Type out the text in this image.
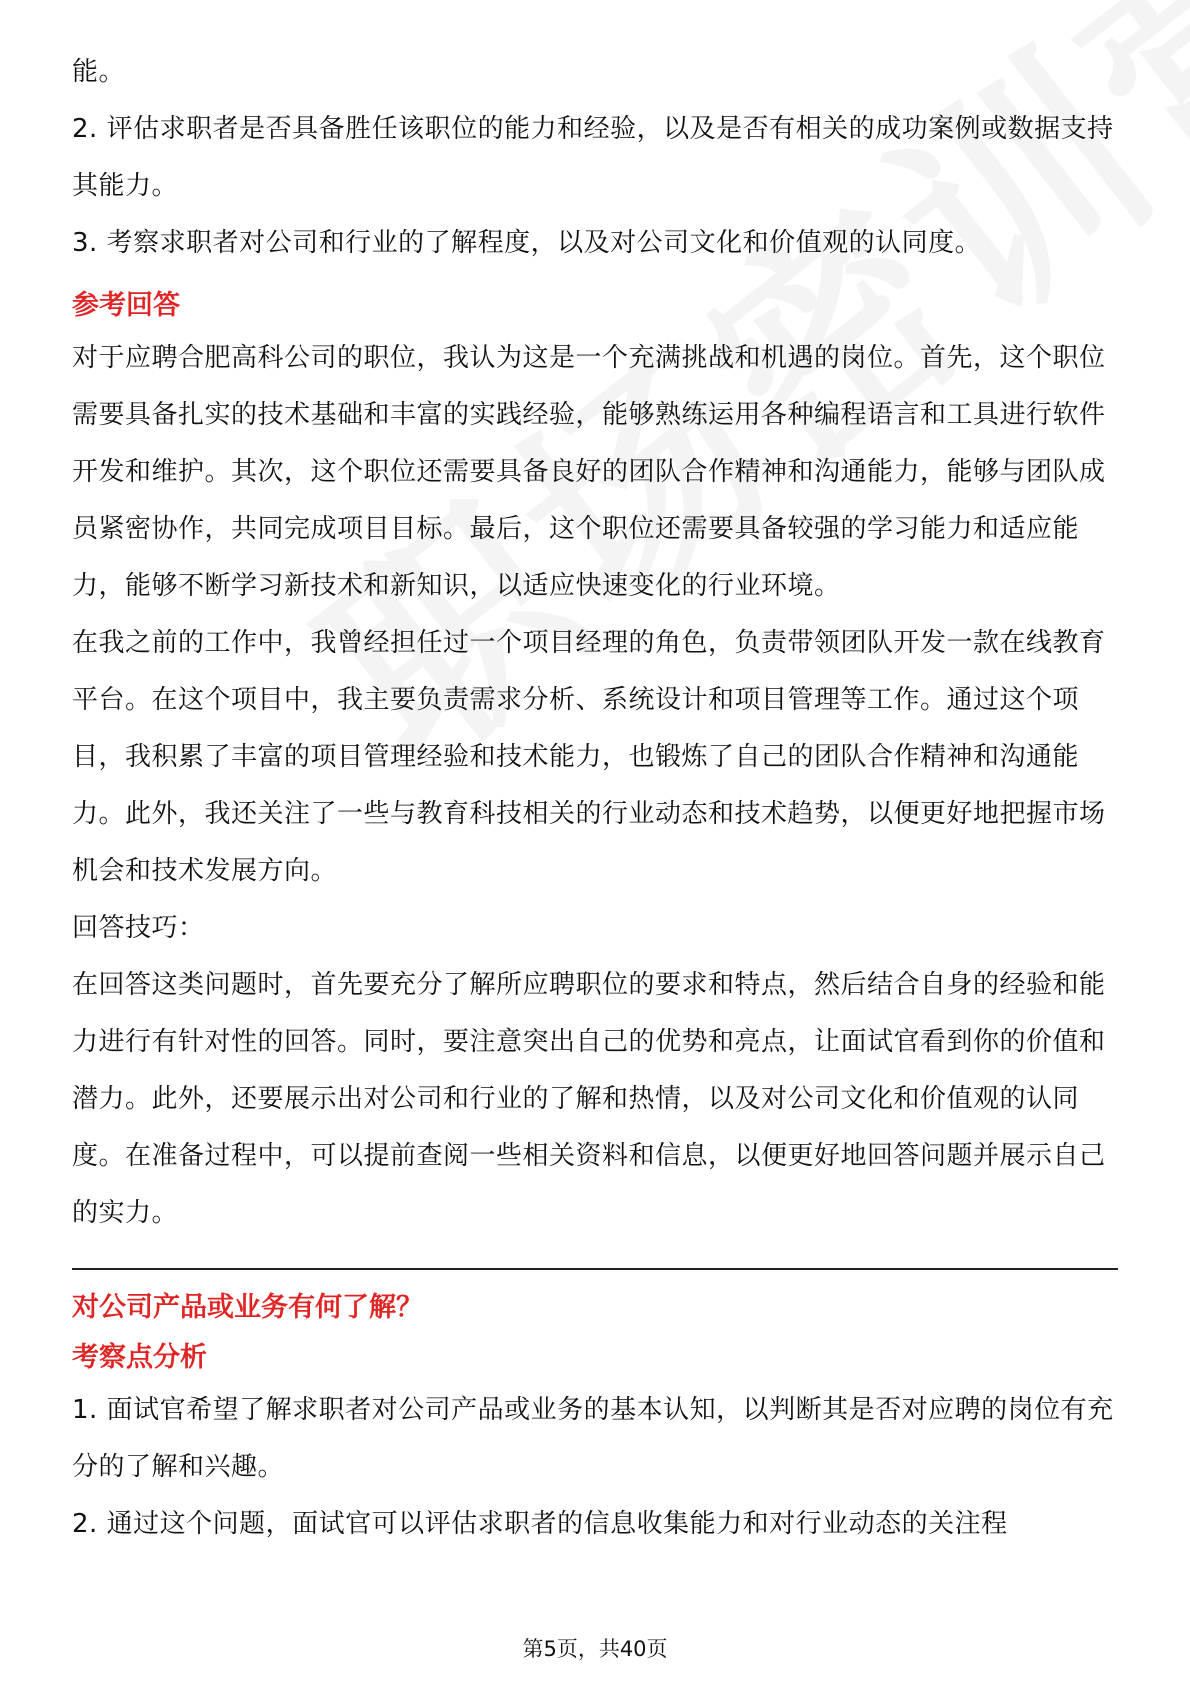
能。

2. 评估求职者是否具备胜任该职位的能力和经验，以及是否有相关的成功案例或数据支持其能力。

3. 考察求职者对公司和行业的了解程度，以及对公司文化和价值观的认同度。

参考回答

对于应聘合肥高科公司的职位，我认为这是一个充满挑战和机遇的岗位。首先，这个职位需要具备扎实的技术基础和丰富的实践经验，能够熟练运用各种编程语言和工具进行软件开发和维护。其次，这个职位还需要具备良好的团队合作精神和沟通能力，能够与团队成员紧密协作，共同完成项目目标。最后，这个职位还需要具备较强的学习能力和适应能力，能够不断学习新技术和新知识，以适应快速变化的行业环境。

在我之前的工作中，我曾经担任过一个项目经理的角色，负责带领团队开发一款在线教育平台。在这个项目中，我主要负责需求分析、系统设计和项目管理等工作。通过这个项目，我积累了丰富的项目管理经验和技术能力，也锻炼了自己的团队合作精神和沟通能力。此外，我还关注了一些与教育科技相关的行业动态和技术趋势，以便更好地把握市场机会和技术发展方向。

回答技巧：

在回答这类问题时，首先要充分了解所应聘职位的要求和特点，然后结合自身的经验和能力进行有针对性的回答。同时，要注意突出自己的优势和亮点，让面试官看到你的价值和潜力。此外，还要展示出对公司和行业的了解和热情，以及对公司文化和价值观的认同度。在准备过程中，可以提前查阅一些相关资料和信息，以便更好地回答问题并展示自己的实力。

对公司产品或业务有何了解？
考察点分析

1. 面试官希望了解求职者对公司产品或业务的基本认知，以判断其是否对应聘的岗位有充分的了解和兴趣。

2. 通过这个问题，面试官可以评估求职者的信息收集能力和对行业动态的关注程

第5页，共40页
